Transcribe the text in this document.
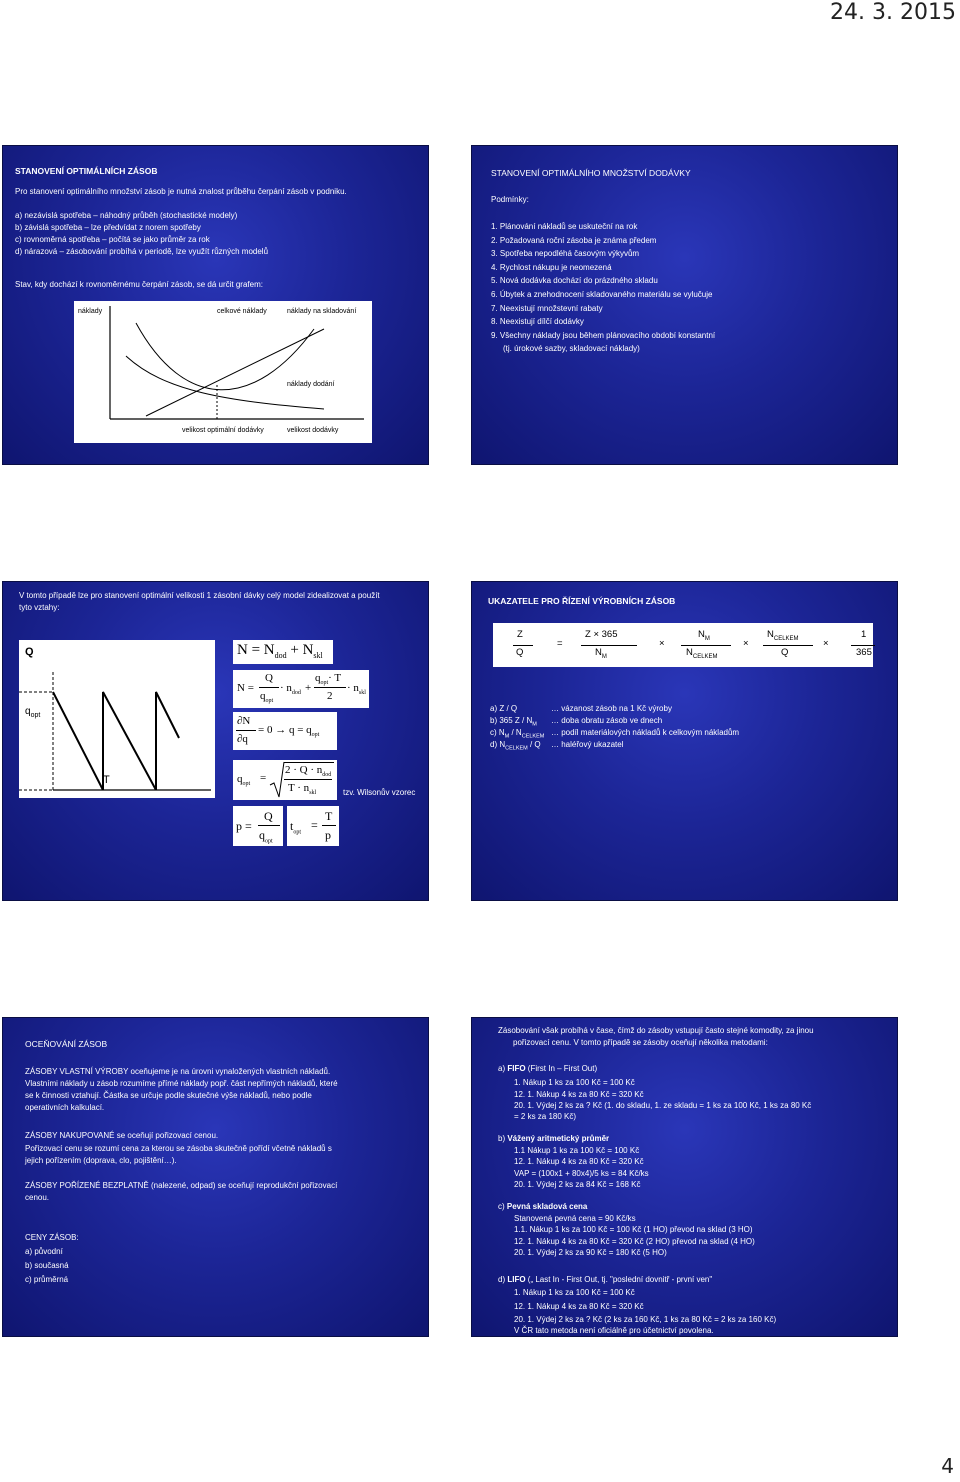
24. 3. 2015
STANOVENÍ OPTIMÁLNÍCH ZÁSOB
Pro stanovení optimálního množství zásob je nutná znalost průběhu čerpání zásob v podniku.
a) nezávislá spotřeba – náhodný průběh (stochastické modely)
b) závislá spotřeba – lze předvídat z norem spotřeby
c) rovnoměrná spotřeba – počítá se jako průměr za rok
d) nárazová – zásobování probíhá v periodě, lze využít různých modelů
Stav, kdy dochází k rovnoměrnému čerpání zásob, se dá určit grafem:
náklady	celkové náklady	náklady na skladování
náklady dodání
velikost optimální dodávky	velikost dodávky
STANOVENÍ OPTIMÁLNÍHO MNOŽSTVÍ DODÁVKY
Podmínky:
1. Plánování nákladů se uskuteční na rok
2. Požadovaná roční zásoba je známa předem
3. Spotřeba nepodléhá časovým výkyvům
4. Rychlost nákupu je neomezená
5. Nová dodávka dochází do prázdného skladu
6. Úbytek a znehodnocení skladovaného materiálu se vylučuje
7. Neexistují množstevní rabaty
8. Neexistují dílčí dodávky
9. Všechny náklady jsou během plánovacího období konstantní
(tj. úrokové sazby, skladovací náklady)
V tomto případě lze pro stanovení optimální velikosti 1 zásobní dávky celý model zidealizovat a použít
tyto vztahy:
Q
$q_{opt}$
T
$N = N_{dod} + N_{skl}$
N =
Q
$q_{opt}$
· $n_{dod}$ +
$q_{opt}\cdot T$
2
· $n_{skl}$
∂N
∂q
= $0 \to q = q_{opt}$
$q_{opt}$
=
$2 \cdot Q \cdot n_{dod}$
$T \cdot n_{skl}$	tzv. Wilsonův vzorec
p =
Q
$q_{opt}$
$t_{opt}$
=
T
p
UKAZATELE PRO ŘÍZENÍ VÝROBNÍCH ZÁSOB
Z
Q
=
Z × 365
$N_M$
×
$N_M$
$N_{CELKEM}$
×
$N_{CELKEM}$
Q
×
1
365
a) Z / Q	… vázanost zásob na 1 Kč výroby
b) 365 Z / $N_M$ … doba obratu zásob ve dnech
c) $N_M / N_{CELKEM}$ … podíl materiálových nákladů k celkovým nákladům
d) $N_{CELKEM}$ / Q … haléřový ukazatel
OCEŇOVÁNÍ ZÁSOB
ZÁSOBY VLASTNÍ VÝROBY oceňujeme je na úrovni vynaložených vlastních nákladů.
Vlastními náklady u zásob rozumíme přímé náklady popř. část nepřímých nákladů, které
se k činnosti vztahují. Částka se určuje podle skutečné výše nákladů, nebo podle
operativních kalkulací.
ZÁSOBY NAKUPOVANÉ se oceňují pořizovací cenou.
Pořizovací cenu se rozumí cena za kterou se zásoba skutečně pořídí včetně nákladů s
jejich pořízením (doprava, clo, pojištění…).
ZÁSOBY POŘÍZENÉ BEZPLATNĚ (nalezené, odpad) se oceňují reprodukční pořizovací
cenou.
CENY ZÁSOB:
a) původní
b) současná
c) průměrná
Zásobování však probíhá v čase, čímž do zásoby vstupují často stejné komodity, za jinou
pořizovací cenu. V tomto případě se zásoby oceňují několika metodami:
a) FIFO (First In – First Out)
1. Nákup 1 ks za 100 Kč = 100 Kč
12. 1. Nákup 4 ks za 80 Kč = 320 Kč
20. 1. Výdej 2 ks za ? Kč (1. do skladu, 1. ze skladu = 1 ks za 100 Kč, 1 ks za 80 Kč
= 2 ks za 180 Kč)
b) Vážený aritmetický průměr
1.1 Nákup 1 ks za 100 Kč = 100 Kč
12. 1. Nákup 4 ks za 80 Kč = 320 Kč
VAP = (100x1 + 80x4)/5 ks = 84 Kč/ks
20. 1. Výdej 2 ks za 84 Kč = 168 Kč
c) Pevná skladová cena
Stanovená pevná cena = 90 Kč/ks
1.1. Nákup 1 ks za 100 Kč = 100 Kč (1 HO) převod na sklad (3 HO)
12. 1. Nákup 4 ks za 80 Kč = 320 Kč (2 HO) převod na sklad (4 HO)
20. 1. Výdej 2 ks za 90 Kč = 180 Kč (5 HO)
d) LIFO („ Last In - First Out, tj. "poslední dovnitř - první ven"
1. Nákup 1 ks za 100 Kč = 100 Kč
12. 1. Nákup 4 ks za 80 Kč = 320 Kč
20. 1. Výdej 2 ks za ? Kč (2 ks za 160 Kč, 1 ks za 80 Kč = 2 ks za 160 Kč)
V ČR tato metoda není oficiálně pro účetnictví povolena.
4
